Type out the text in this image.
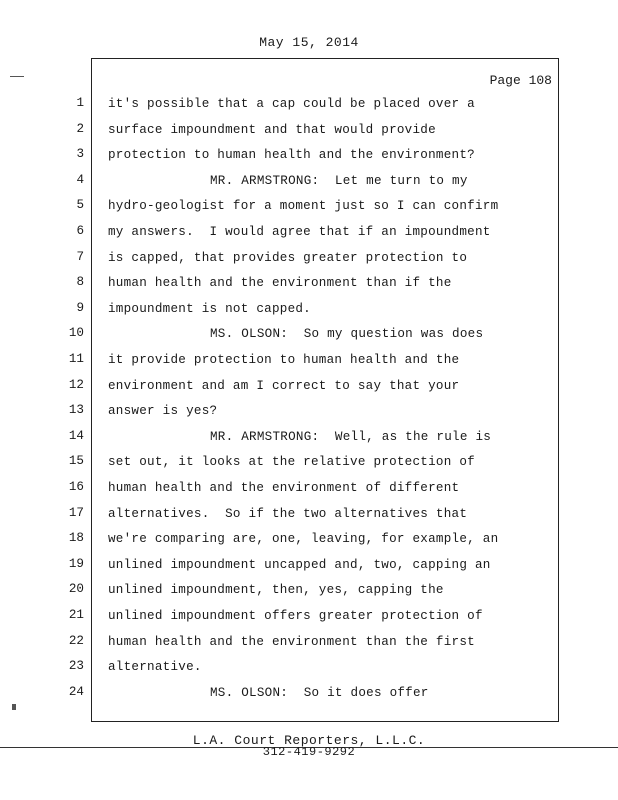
May 15, 2014
Page 108
it's possible that a cap could be placed over a
surface impoundment and that would provide
protection to human health and the environment?
MR. ARMSTRONG:  Let me turn to my
hydro-geologist for a moment just so I can confirm
my answers.  I would agree that if an impoundment
is capped, that provides greater protection to
human health and the environment than if the
impoundment is not capped.
MS. OLSON:  So my question was does
it provide protection to human health and the
environment and am I correct to say that your
answer is yes?
MR. ARMSTRONG:  Well, as the rule is
set out, it looks at the relative protection of
human health and the environment of different
alternatives.  So if the two alternatives that
we're comparing are, one, leaving, for example, an
unlined impoundment uncapped and, two, capping an
unlined impoundment, then, yes, capping the
unlined impoundment offers greater protection of
human health and the environment than the first
alternative.
MS. OLSON:  So it does offer
1
2
3
4
5
6
7
8
9
10
11
12
13
14
15
16
17
18
19
20
21
22
23
24
L.A. Court Reporters, L.L.C.
312-419-9292
